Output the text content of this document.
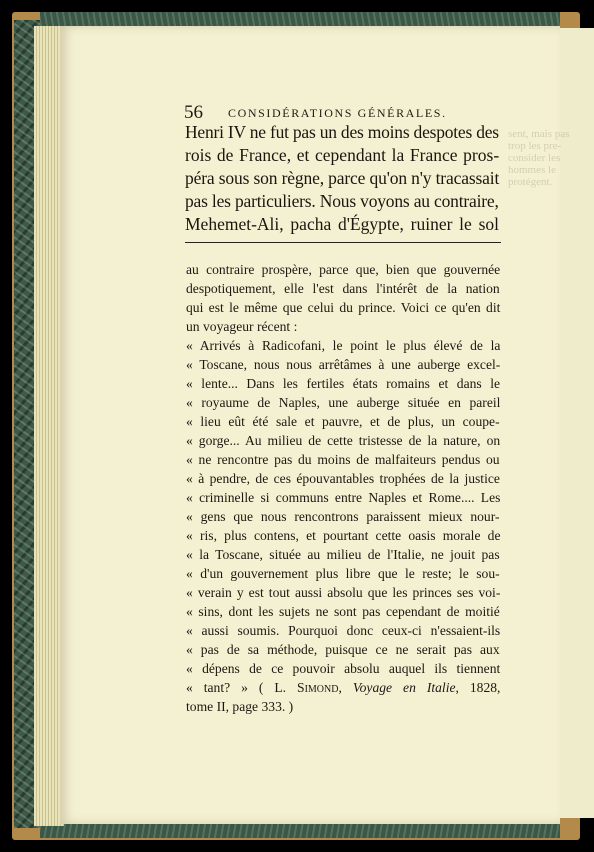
sent, mais pas
trop les pre-
consider les
hommes le
protégent.
56 CONSIDÉRATIONS GÉNÉRALES.
Henri IV ne fut pas un des moins despotes des
rois de France, et cependant la France pros-
péra sous son règne, parce qu'on n'y tracassait
pas les particuliers. Nous voyons au contraire,
Mehemet-Ali, pacha d'Égypte, ruiner le sol
au contraire prospère, parce que, bien que gouvernée
despotiquement, elle l'est dans l'intérêt de la nation
qui est le même que celui du prince. Voici ce qu'en dit
un voyageur récent :
« Arrivés à Radicofani, le point le plus élevé de la
« Toscane, nous nous arrêtâmes à une auberge excel-
« lente... Dans les fertiles états romains et dans le
« royaume de Naples, une auberge située en pareil
« lieu eût été sale et pauvre, et de plus, un coupe-
« gorge... Au milieu de cette tristesse de la nature, on
« ne rencontre pas du moins de malfaiteurs pendus ou
« à pendre, de ces épouvantables trophées de la justice
« criminelle si communs entre Naples et Rome.... Les
« gens que nous rencontrons paraissent mieux nour-
« ris, plus contens, et pourtant cette oasis morale de
« la Toscane, située au milieu de l'Italie, ne jouit pas
« d'un gouvernement plus libre que le reste; le sou-
« verain y est tout aussi absolu que les princes ses voi-
« sins, dont les sujets ne sont pas cependant de moitié
« aussi soumis. Pourquoi donc ceux-ci n'essaient-ils
« pas de sa méthode, puisque ce ne serait pas aux
« dépens de ce pouvoir absolu auquel ils tiennent
« tant? » ( L. Simond, Voyage en Italie, 1828,
tome II, page 333. )
